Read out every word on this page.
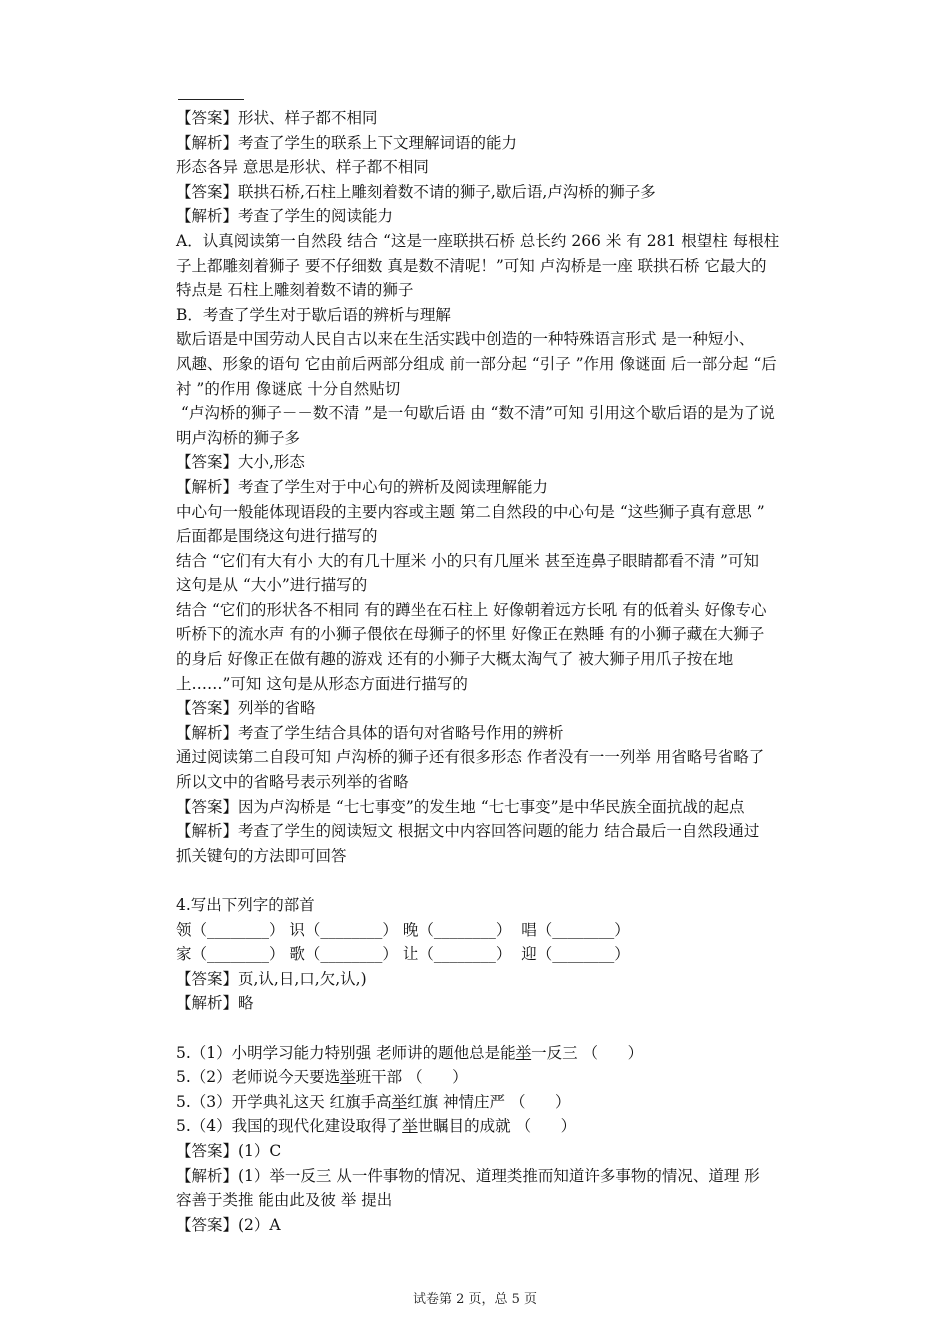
【答案】形状、样子都不相同
【解析】考查了学生的联系上下文理解词语的能力
形态各异 意思是形状、样子都不相同
【答案】联拱石桥,石柱上雕刻着数不请的狮子,歇后语,卢沟桥的狮子多
【解析】考查了学生的阅读能力
A．认真阅读第一自然段 结合 “这是一座联拱石桥 总长约 266 米 有 281 根望柱 每根柱
子上都雕刻着狮子 要不仔细数 真是数不清呢！”可知 卢沟桥是一座 联拱石桥 它最大的
特点是 石柱上雕刻着数不请的狮子
B．考查了学生对于歇后语的辨析与理解
歇后语是中国劳动人民自古以来在生活实践中创造的一种特殊语言形式 是一种短小、
风趣、形象的语句 它由前后两部分组成 前一部分起 “引子 ”作用 像谜面 后一部分起 “后
衬 ”的作用 像谜底 十分自然贴切
“卢沟桥的狮子－－数不清 ”是一句歇后语 由 “数不清”可知 引用这个歇后语的是为了说
明卢沟桥的狮子多
【答案】大小,形态
【解析】考查了学生对于中心句的辨析及阅读理解能力
中心句一般能体现语段的主要内容或主题 第二自然段的中心句是 “这些狮子真有意思 ”
后面都是围绕这句进行描写的
结合 “它们有大有小 大的有几十厘米 小的只有几厘米 甚至连鼻子眼睛都看不清 ”可知
这句是从 “大小”进行描写的
结合 “它们的形状各不相同 有的蹲坐在石柱上 好像朝着远方长吼 有的低着头 好像专心
听桥下的流水声 有的小狮子偎依在母狮子的怀里 好像正在熟睡 有的小狮子藏在大狮子
的身后 好像正在做有趣的游戏 还有的小狮子大概太淘气了 被大狮子用爪子按在地
上……”可知 这句是从形态方面进行描写的
【答案】列举的省略
【解析】考查了学生结合具体的语句对省略号作用的辨析
通过阅读第二自段可知 卢沟桥的狮子还有很多形态 作者没有一一列举 用省略号省略了
所以文中的省略号表示列举的省略
【答案】因为卢沟桥是 “七七事变”的发生地 “七七事变”是中华民族全面抗战的起点
【解析】考查了学生的阅读短文 根据文中内容回答问题的能力 结合最后一自然段通过
抓关键句的方法即可回答
4.写出下列字的部首
领（________） 识（________） 晚（________）  唱（________）
家（________） 歌（________） 让（________）  迎（________）
【答案】页,认,日,口,欠,认,)
【解析】略
5.（1）小明学习能力特别强 老师讲的题他总是能举一反三 （      ）
5.（2）老师说今天要选举班干部 （      ）
5.（3）开学典礼这天 红旗手高举红旗 神情庄严 （      ）
5.（4）我国的现代化建设取得了举世瞩目的成就 （      ）
【答案】(1）C
【解析】(1）举一反三 从一件事物的情况、道理类推而知道许多事物的情况、道理 形
容善于类推 能由此及彼 举 提出
【答案】(2）A
试卷第 2 页，总 5 页
